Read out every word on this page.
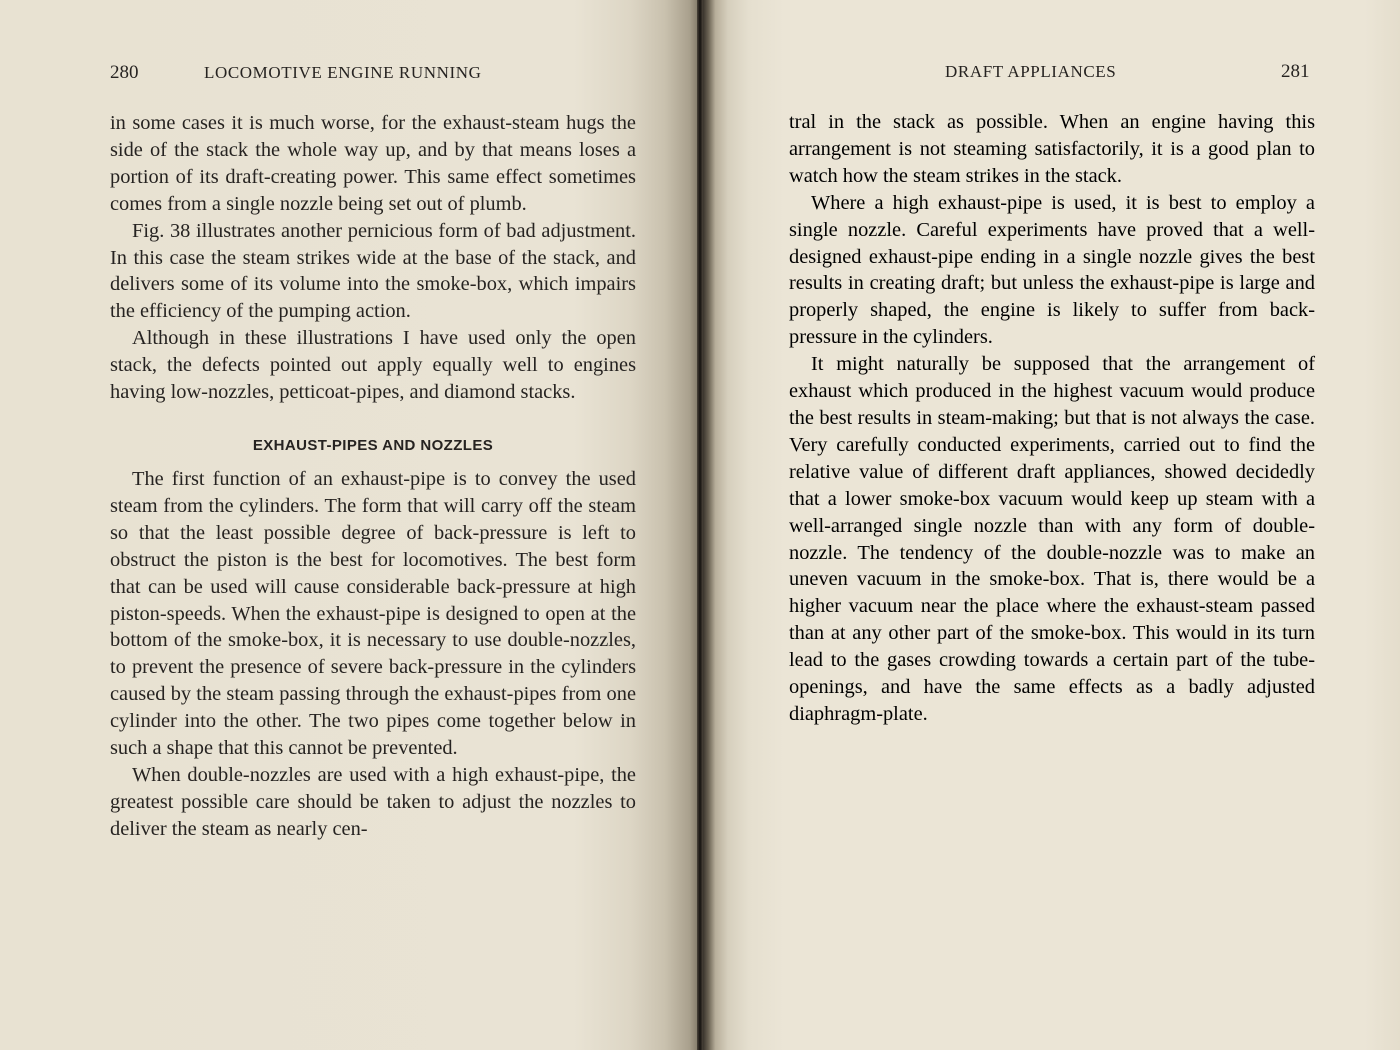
280	LOCOMOTIVE ENGINE RUNNING

in some cases it is much worse, for the exhaust-steam hugs the side of the stack the whole way up, and by that means loses a portion of its draft-creating power. This same effect sometimes comes from a single nozzle being set out of plumb.

Fig. 38 illustrates another pernicious form of bad adjustment. In this case the steam strikes wide at the base of the stack, and delivers some of its volume into the smoke-box, which impairs the efficiency of the pumping action.

Although in these illustrations I have used only the open stack, the defects pointed out apply equally well to engines having low-nozzles, petticoat-pipes, and diamond stacks.

EXHAUST-PIPES AND NOZZLES

The first function of an exhaust-pipe is to convey the used steam from the cylinders. The form that will carry off the steam so that the least possible degree of back-pressure is left to obstruct the piston is the best for locomotives. The best form that can be used will cause considerable back-pressure at high piston-speeds. When the exhaust-pipe is designed to open at the bottom of the smoke-box, it is necessary to use double-nozzles, to prevent the presence of severe back-pressure in the cylinders caused by the steam passing through the exhaust-pipes from one cylinder into the other. The two pipes come together below in such a shape that this cannot be prevented.

When double-nozzles are used with a high exhaust-pipe, the greatest possible care should be taken to adjust the nozzles to deliver the steam as nearly cen-

DRAFT APPLIANCES	281

tral in the stack as possible. When an engine having this arrangement is not steaming satisfactorily, it is a good plan to watch how the steam strikes in the stack.

Where a high exhaust-pipe is used, it is best to employ a single nozzle. Careful experiments have proved that a well-designed exhaust-pipe ending in a single nozzle gives the best results in creating draft; but unless the exhaust-pipe is large and properly shaped, the engine is likely to suffer from back-pressure in the cylinders.

It might naturally be supposed that the arrangement of exhaust which produced in the highest vacuum would produce the best results in steam-making; but that is not always the case. Very carefully conducted experiments, carried out to find the relative value of different draft appliances, showed decidedly that a lower smoke-box vacuum would keep up steam with a well-arranged single nozzle than with any form of double-nozzle. The tendency of the double-nozzle was to make an uneven vacuum in the smoke-box. That is, there would be a higher vacuum near the place where the exhaust-steam passed than at any other part of the smoke-box. This would in its turn lead to the gases crowding towards a certain part of the tube-openings, and have the same effects as a badly adjusted diaphragm-plate.
